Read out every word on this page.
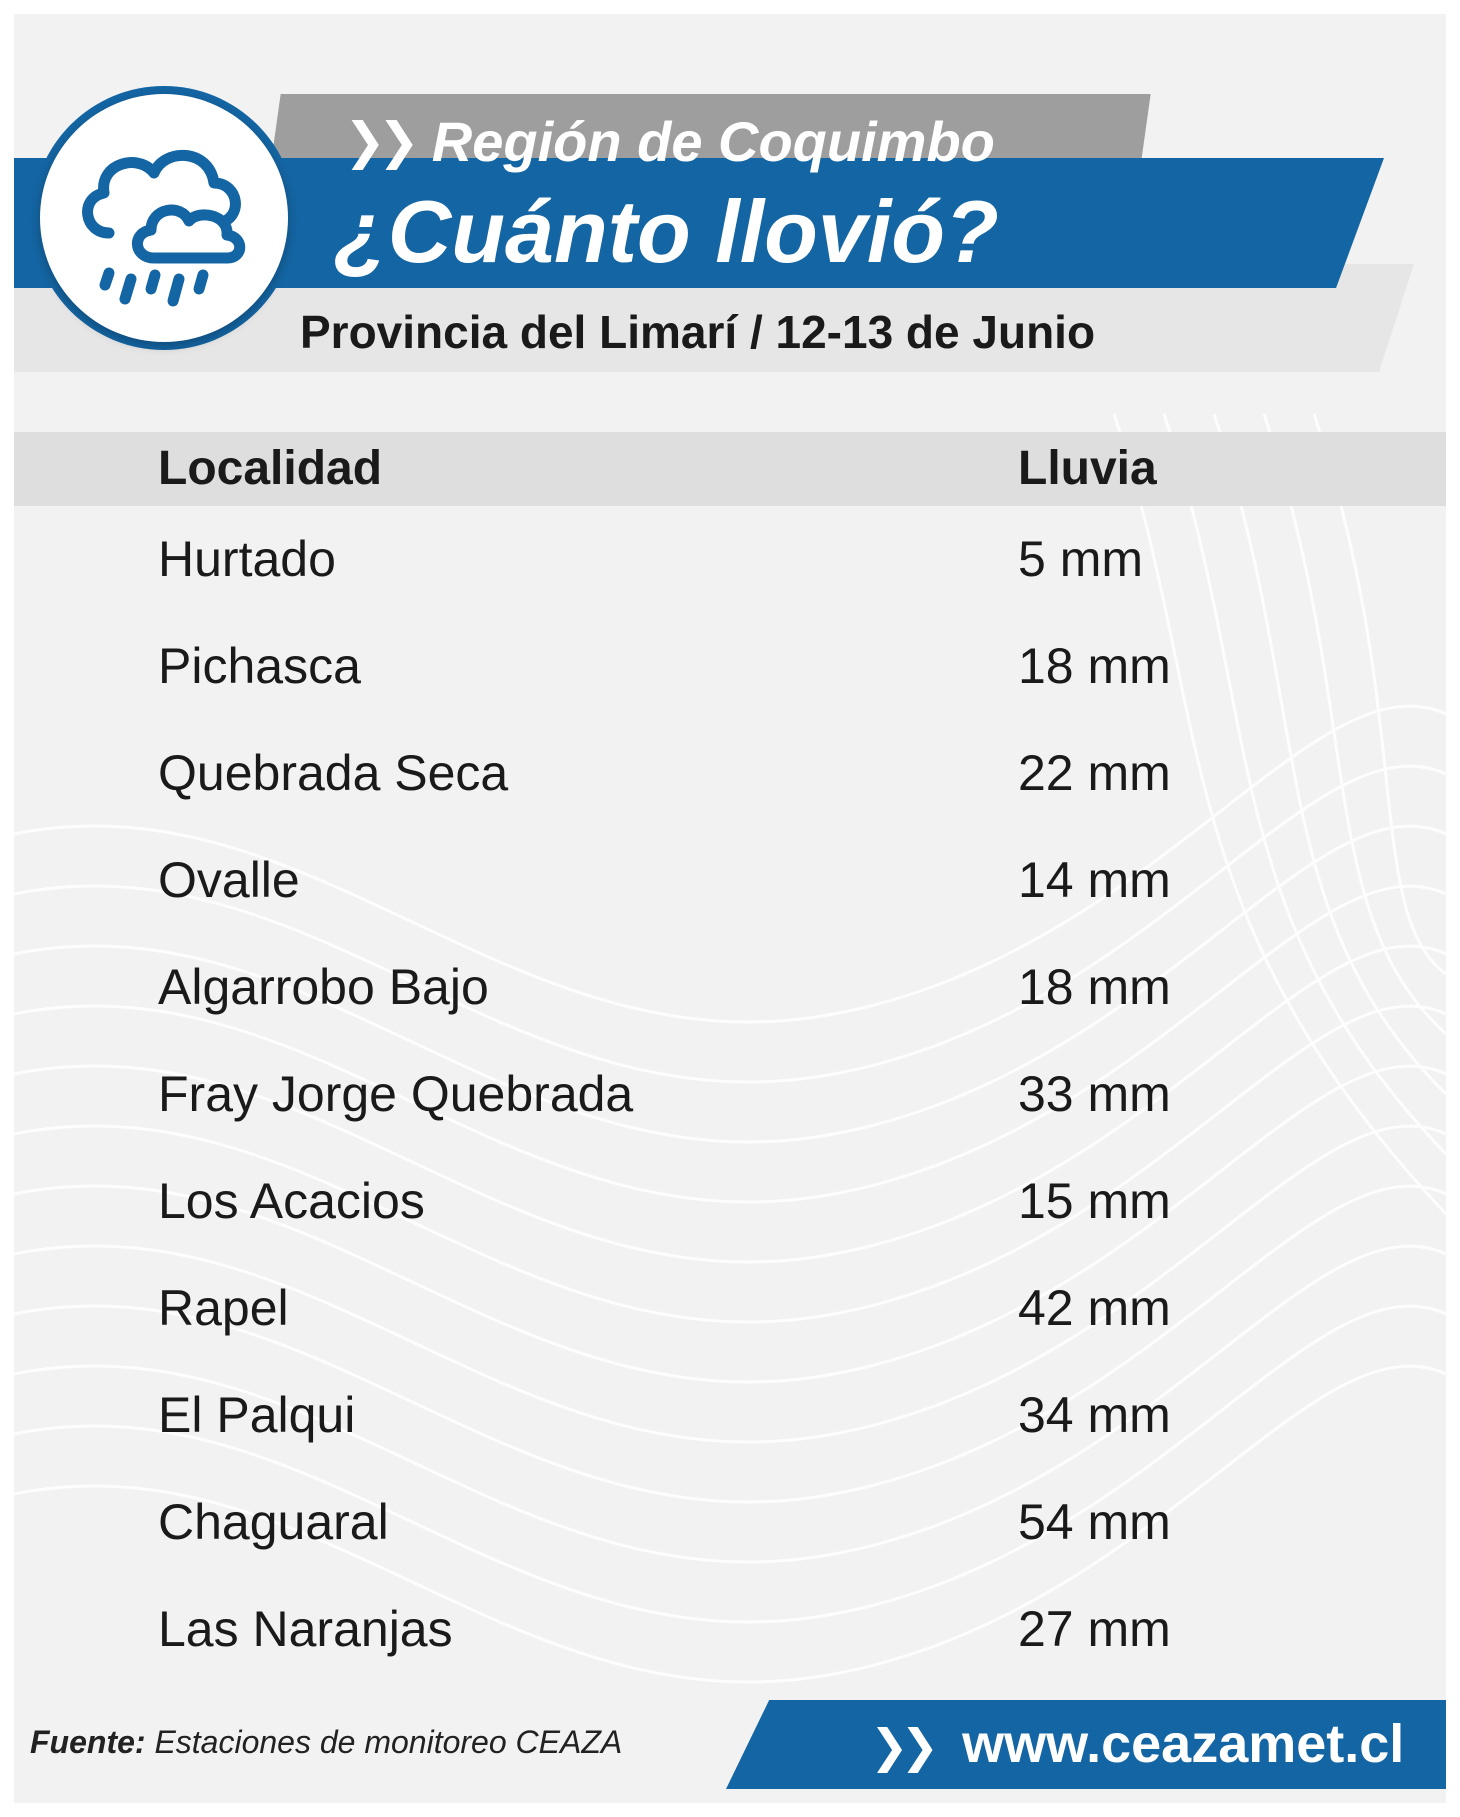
❯❯ Región de Coquimbo
¿Cuánto llovió?
Provincia del Limarí / 12-13 de Junio
Localidad	Lluvia
Hurtado	5 mm
Pichasca	18 mm
Quebrada Seca	22 mm
Ovalle	14 mm
Algarrobo Bajo	18 mm
Fray Jorge Quebrada	33 mm
Los Acacios	15 mm
Rapel	42 mm
El Palqui	34 mm
Chaguaral	54 mm
Las Naranjas	27 mm
Fuente: Estaciones de monitoreo CEAZA	❯❯ www.ceazamet.cl
